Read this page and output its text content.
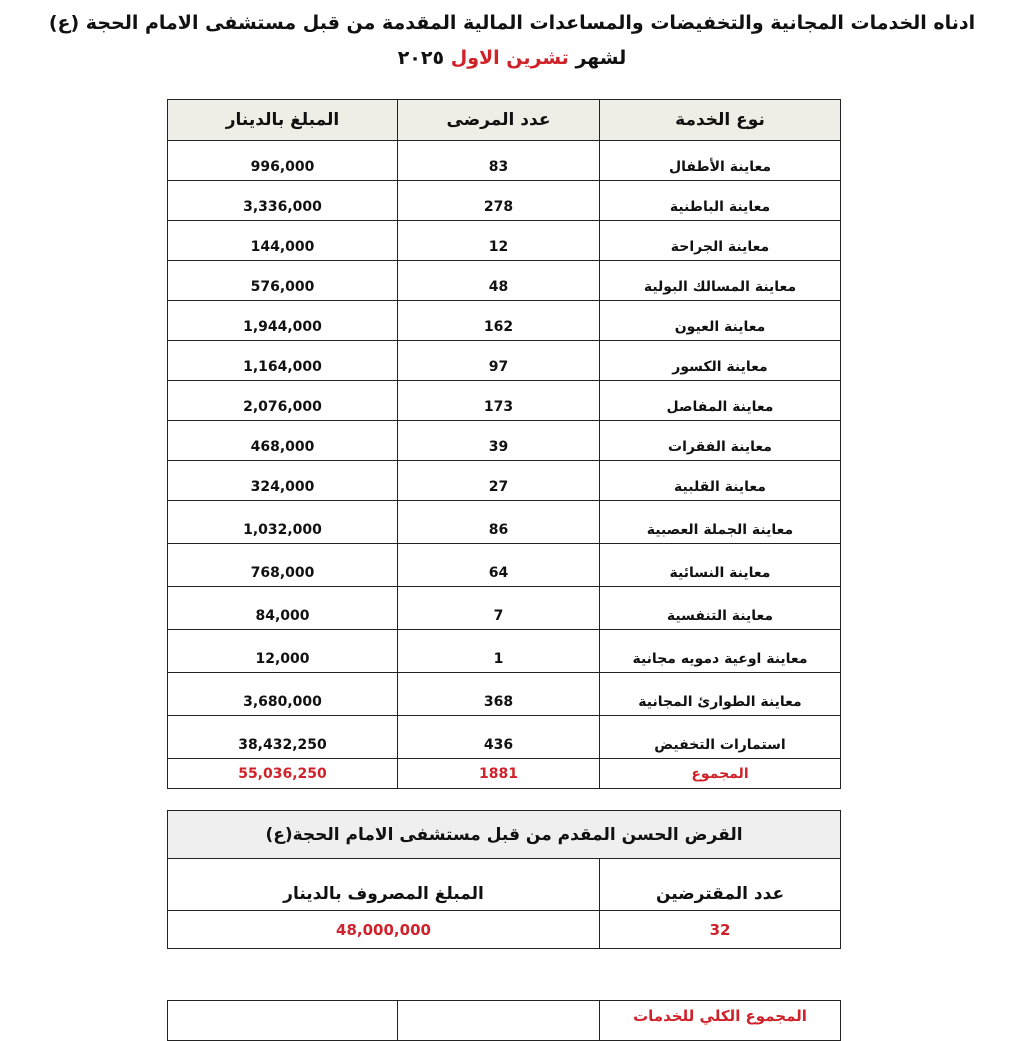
ادناه الخدمات المجانية والتخفيضات والمساعدات المالية المقدمة من قبل مستشفى الامام الحجة (ع)
لشهر تشرين الاول ٢٠٢٥
نوع الخدمة	عدد المرضى	المبلغ بالدينار
معاينة الأطفال	83	996,000
معاينة الباطنية	278	3,336,000
معاينة الجراحة	12	144,000
معاينة المسالك البولية	48	576,000
معاينة العيون	162	1,944,000
معاينة الكسور	97	1,164,000
معاينة المفاصل	173	2,076,000
معاينة الفقرات	39	468,000
معاينة القلبية	27	324,000
معاينة الجملة العصبية	86	1,032,000
معاينة النسائية	64	768,000
معاينة التنفسية	7	84,000
معاينة اوعية دمويه مجانية	1	12,000
معاينة الطوارئ المجانية	368	3,680,000
استمارات التخفيض	436	38,432,250
المجموع	1881	55,036,250
القرض الحسن المقدم من قبل مستشفى الامام الحجة(ع)	
عدد المقترضين	المبلغ المصروف بالدينار
32	48,000,000
المجموع الكلي للخدمات		
